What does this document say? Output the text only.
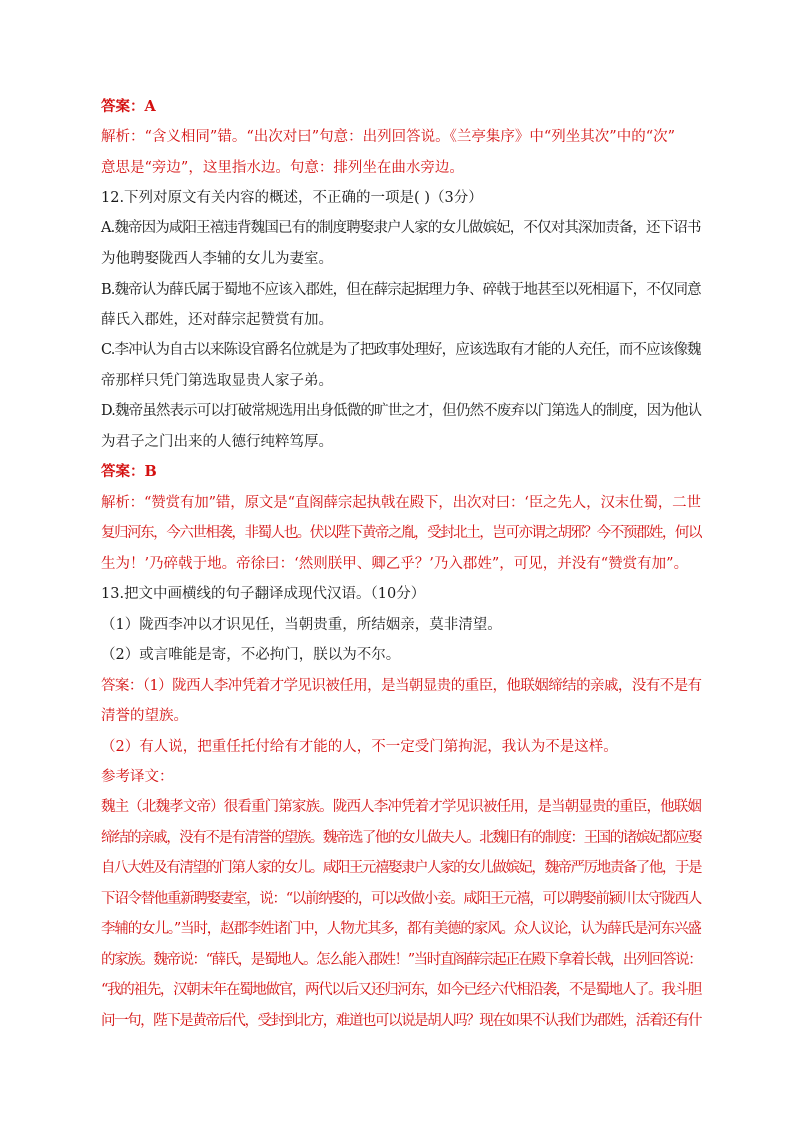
答案：A
解析：“含义相同”错。“出次对曰”句意：出列回答说。《兰亭集序》中“列坐其次”中的“次”
意思是“旁边”，这里指水边。句意：排列坐在曲水旁边。
12.下列对原文有关内容的概述，不正确的一项是( )（3分）
A.魏帝因为咸阳王禧违背魏国已有的制度聘娶隶户人家的女儿做嫔妃，不仅对其深加责备，还下诏书
为他聘娶陇西人李辅的女儿为妻室。
B.魏帝认为薛氏属于蜀地不应该入郡姓，但在薛宗起据理力争、碎戟于地甚至以死相逼下，不仅同意
薛氏入郡姓，还对薛宗起赞赏有加。
C.李冲认为自古以来陈设官爵名位就是为了把政事处理好，应该选取有才能的人充任，而不应该像魏
帝那样只凭门第选取显贵人家子弟。
D.魏帝虽然表示可以打破常规选用出身低微的旷世之才，但仍然不废弃以门第选人的制度，因为他认
为君子之门出来的人德行纯粹笃厚。
答案：B
解析：“赞赏有加”错，原文是“直阁薛宗起执戟在殿下，出次对曰：‘臣之先人，汉末仕蜀，二世
复归河东，今六世相袭，非蜀人也。伏以陛下黄帝之胤，受封北土，岂可亦谓之胡邪？今不预郡姓，何以
生为！’乃碎戟于地。帝徐曰：‘然则朕甲、卿乙乎？’乃入郡姓”，可见，并没有“赞赏有加”。
13.把文中画横线的句子翻译成现代汉语。（10分）
（1）陇西李冲以才识见任，当朝贵重，所结姻亲，莫非清望。
（2）或言唯能是寄，不必拘门，朕以为不尔。
答案：（1）陇西人李冲凭着才学见识被任用，是当朝显贵的重臣，他联姻缔结的亲戚，没有不是有
清誉的望族。
（2）有人说，把重任托付给有才能的人，不一定受门第拘泥，我认为不是这样。
参考译文：
魏主（北魏孝文帝）很看重门第家族。陇西人李冲凭着才学见识被任用，是当朝显贵的重臣，他联姻
缔结的亲戚，没有不是有清誉的望族。魏帝选了他的女儿做夫人。北魏旧有的制度：王国的诸嫔妃都应娶
自八大姓及有清望的门第人家的女儿。咸阳王元禧娶隶户人家的女儿做嫔妃，魏帝严厉地责备了他，于是
下诏令替他重新聘娶妻室，说：“以前纳娶的，可以改做小妾。咸阳王元禧，可以聘娶前颍川太守陇西人
李辅的女儿。”当时，赵郡李姓诸门中，人物尤其多，都有美德的家风。众人议论，认为薛氏是河东兴盛
的家族。魏帝说：“薛氏，是蜀地人。怎么能入郡姓！”当时直阁薛宗起正在殿下拿着长戟，出列回答说：
“我的祖先，汉朝末年在蜀地做官，两代以后又还归河东，如今已经六代相沿袭，不是蜀地人了。我斗胆
问一句，陛下是黄帝后代，受封到北方，难道也可以说是胡人吗？现在如果不认我们为郡姓，活着还有什
